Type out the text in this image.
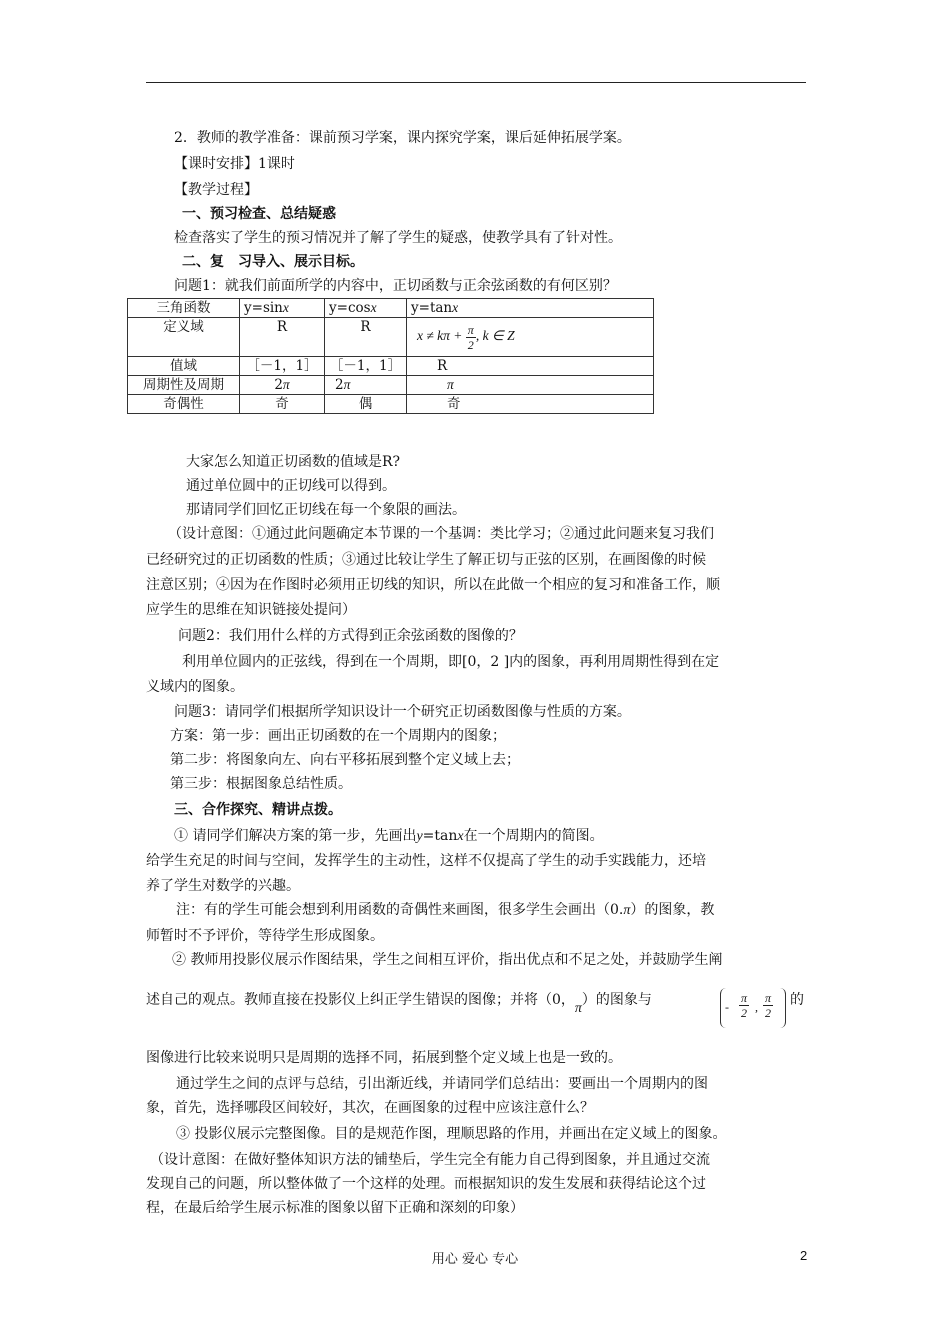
2．教师的教学准备：课前预习学案，课内探究学案，课后延伸拓展学案。
【课时安排】1课时
【教学过程】
一、预习检查、总结疑惑
检查落实了学生的预习情况并了解了学生的疑惑，使教学具有了针对性。
二、复　习导入、展示目标。
问题1：就我们前面所学的内容中，正切函数与正余弦函数的有何区别？
三角函数	y=sinx	y=cosx	y=tanx
定义域	R	R	$x \ne k\pi + \frac{\pi}{2}$ , k ∈ Z
值域	［－1，1］	［－1，1］	R
周期性及周期	2π	2π	π
奇偶性	奇	偶	奇
大家怎么知道正切函数的值域是R?
通过单位圆中的正切线可以得到。
那请同学们回忆正切线在每一个象限的画法。
（设计意图：①通过此问题确定本节课的一个基调：类比学习；②通过此问题来复习我们
已经研究过的正切函数的性质；③通过比较让学生了解正切与正弦的区别，在画图像的时候
注意区别；④因为在作图时必须用正切线的知识，所以在此做一个相应的复习和准备工作，顺
应学生的思维在知识链接处提问）
问题2：我们用什么样的方式得到正余弦函数的图像的？
利用单位圆内的正弦线，得到在一个周期，即[0，2 ]内的图象，再利用周期性得到在定
义域内的图象。
问题3：请同学们根据所学知识设计一个研究正切函数图像与性质的方案。
方案：第一步：画出正切函数的在一个周期内的图象；
第二步：将图象向左、向右平移拓展到整个定义域上去；
第三步：根据图象总结性质。
三、合作探究、精讲点拨。
① 请同学们解决方案的第一步，先画出y=tanx在一个周期内的简图。
给学生充足的时间与空间，发挥学生的主动性，这样不仅提高了学生的动手实践能力，还培
养了学生对数学的兴趣。
注：有的学生可能会想到利用函数的奇偶性来画图，很多学生会画出（0.π）的图象，教
师暂时不予评价，等待学生形成图象。
② 教师用投影仪展示作图结果，学生之间相互评价，指出优点和不足之处，并鼓励学生阐
述自己的观点。教师直接在投影仪上纠正学生错误的图像；并将（0，π）的图象与	- $\frac{\pi}{2}$ , $\frac{\pi}{2}$ 的
图像进行比较来说明只是周期的选择不同，拓展到整个定义域上也是一致的。
通过学生之间的点评与总结，引出渐近线，并请同学们总结出：要画出一个周期内的图
象，首先，选择哪段区间较好，其次，在画图象的过程中应该注意什么？
③ 投影仪展示完整图像。目的是规范作图，理顺思路的作用，并画出在定义域上的图象。
（设计意图：在做好整体知识方法的铺垫后，学生完全有能力自己得到图象，并且通过交流
发现自己的问题，所以整体做了一个这样的处理。而根据知识的发生发展和获得结论这个过
程，在最后给学生展示标准的图象以留下正确和深刻的印象）
用心 爱心 专心	2
